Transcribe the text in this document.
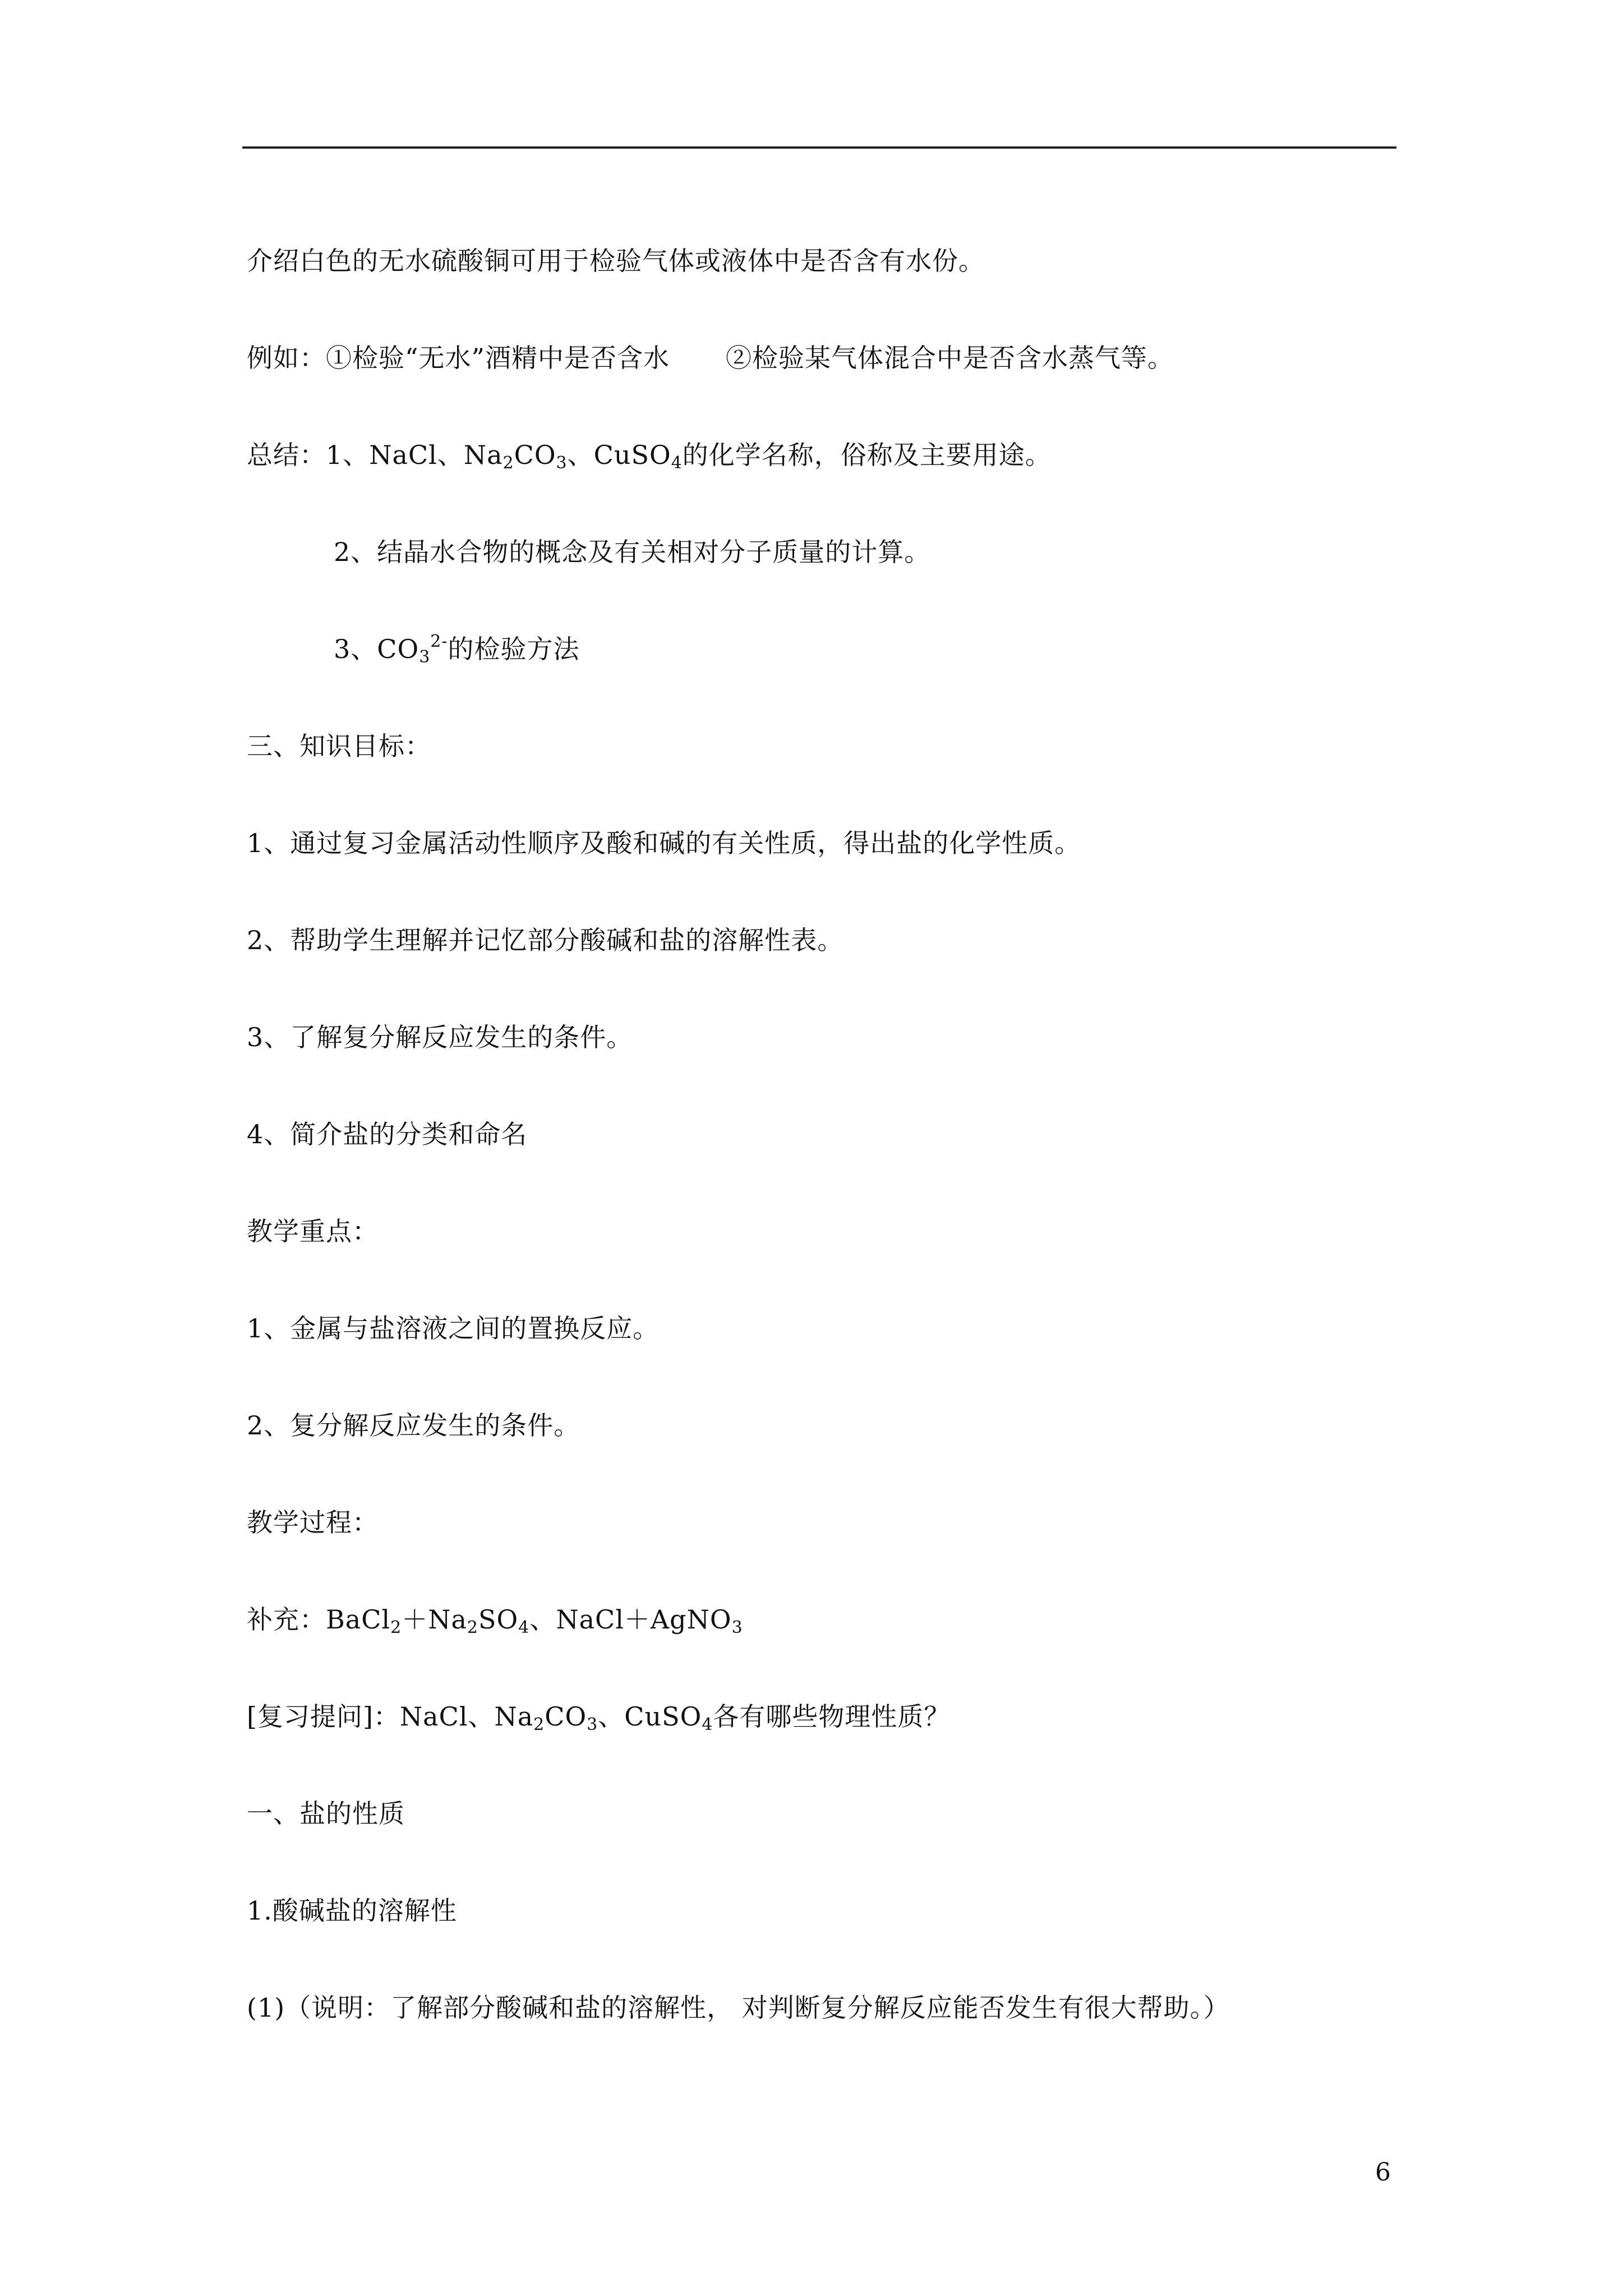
介绍白色的无水硫酸铜可用于检验气体或液体中是否含有水份。
例如：①检验“无水”酒精中是否含水 ②检验某气体混合中是否含水蒸气等。
总结：1、NaCl、$Na_2CO_3$、CuSO$_4$的化学名称，俗称及主要用途。
2、结晶水合物的概念及有关相对分子质量的计算。
3、$CO_3^{2-}$的检验方法
三、知识目标：
1、通过复习金属活动性顺序及酸和碱的有关性质，得出盐的化学性质。
2、帮助学生理解并记忆部分酸碱和盐的溶解性表。
3、了解复分解反应发生的条件。
4、简介盐的分类和命名
教学重点：
1、金属与盐溶液之间的置换反应。
2、复分解反应发生的条件。
教学过程：
补充：$BaCl_2+Na_2SO_4$、NaCl＋AgNO$_3$
[复习提问]：NaCl、$Na_2CO_3$、CuSO$_4$各有哪些物理性质？
一、盐的性质
1.酸碱盐的溶解性
(1)（说明：了解部分酸碱和盐的溶解性， 对判断复分解反应能否发生有很大帮助。）
6
